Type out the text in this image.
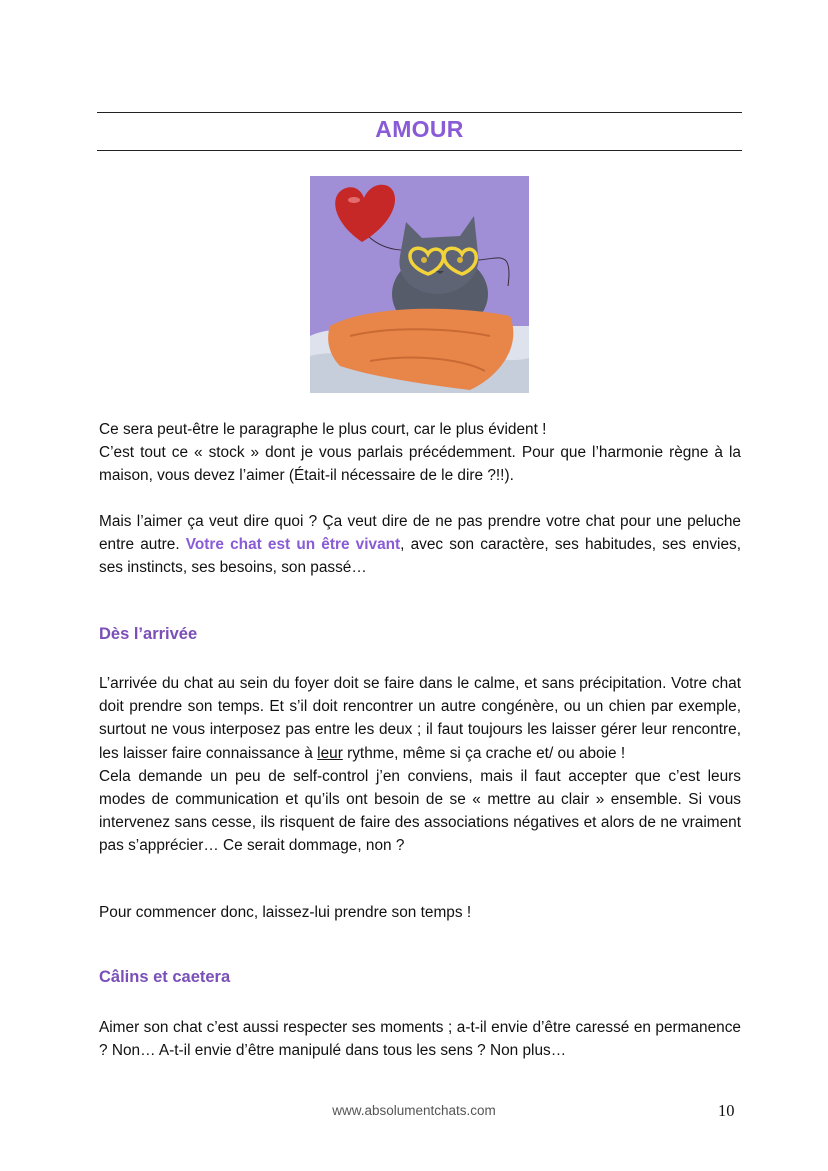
AMOUR

Ce sera peut-être le paragraphe le plus court, car le plus évident !

C’est tout ce « stock » dont je vous parlais précédemment. Pour que l’harmonie règne à la maison, vous devez l’aimer (Était-il nécessaire de le dire ?!!).

Mais l’aimer ça veut dire quoi ? Ça veut dire de ne pas prendre votre chat pour une peluche entre autre. Votre chat est un être vivant, avec son caractère, ses habitudes, ses envies, ses instincts, ses besoins, son passé…
Dès l’arrivée

L’arrivée du chat au sein du foyer doit se faire dans le calme, et sans précipitation. Votre chat doit prendre son temps. Et s’il doit rencontrer un autre congénère, ou un chien par exemple, surtout ne vous interposez pas entre les deux ; il faut toujours les laisser gérer leur rencontre, les laisser faire connaissance à leur rythme, même si ça crache et/ ou aboie !

Cela demande un peu de self-control j’en conviens, mais il faut accepter que c’est leurs modes de communication et qu’ils ont besoin de se « mettre au clair » ensemble. Si vous intervenez sans cesse, ils risquent de faire des associations négatives et alors de ne vraiment pas s’apprécier… Ce serait dommage, non ?

Pour commencer donc, laissez-lui prendre son temps !
Câlins et caetera
Aimer son chat c’est aussi respecter ses moments ; a-t-il envie d’être caressé en permanence ? Non… A-t-il envie d’être manipulé dans tous les sens ? Non plus…
www.absolumentchats.com	10
